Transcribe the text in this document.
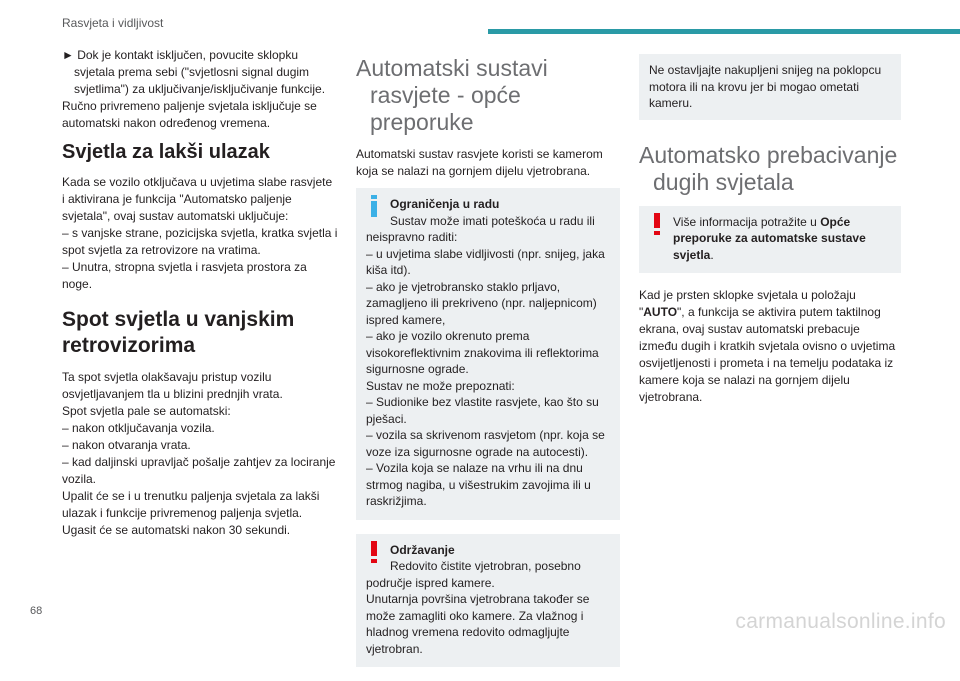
Rasvjeta i vidljivost

► Dok je kontakt isključen, povucite sklopku svjetala prema sebi ("svjetlosni signal dugim svjetlima") za uključivanje/isključivanje funkcije.

Ručno privremeno paljenje svjetala isključuje se automatski nakon određenog vremena.

Svjetla za lakši ulazak

Kada se vozilo otključava u uvjetima slabe rasvjete i aktivirana je funkcija "Automatsko paljenje svjetala", ovaj sustav automatski uključuje:

– s vanjske strane, pozicijska svjetla, kratka svjetla i spot svjetla za retrovizore na vratima.

– Unutra, stropna svjetla i rasvjeta prostora za noge.

Spot svjetla u vanjskim retrovizorima

Ta spot svjetla olakšavaju pristup vozilu osvjetljavanjem tla u blizini prednjih vrata.

Spot svjetla pale se automatski:

– nakon otključavanja vozila.

– nakon otvaranja vrata.

– kad daljinski upravljač pošalje zahtjev za lociranje vozila.

Upalit će se i u trenutku paljenja svjetala za lakši ulazak i funkcije privremenog paljenja svjetla.

Ugasit će se automatski nakon 30 sekundi.

Automatski sustavi rasvjete - opće preporuke

Automatski sustav rasvjete koristi se kamerom koja se nalazi na gornjem dijelu vjetrobrana.

Ograničenja u radu
Sustav može imati poteškoća u radu ili
neispravno raditi:
– u uvjetima slabe vidljivosti (npr. snijeg, jaka kiša itd).
– ako je vjetrobransko staklo prljavo, zamagljeno ili prekriveno (npr. naljepnicom) ispred kamere,
– ako je vozilo okrenuto prema visokoreflektivnim znakovima ili reflektorima sigurnosne ograde.
Sustav ne može prepoznati:
– Sudionike bez vlastite rasvjete, kao što su pješaci.
– vozila sa skrivenom rasvjetom (npr. koja se voze iza sigurnosne ograde na autocesti).
– Vozila koja se nalaze na vrhu ili na dnu strmog nagiba, u višestrukim zavojima ili u raskrižjima.
Održavanje
Redovito čistite vjetrobran, posebno
područje ispred kamere.
Unutarnja površina vjetrobrana također se može zamagliti oko kamere. Za vlažnog i hladnog vremena redovito odmagljujte vjetrobran.
Ne ostavljajte nakupljeni snijeg na poklopcu motora ili na krovu jer bi mogao ometati kameru.
Automatsko prebacivanje dugih svjetala
Više informacija potražite u Opće preporuke za automatske sustave svjetla.

Kad je prsten sklopke svjetala u položaju "AUTO", a funkcija se aktivira putem taktilnog ekrana, ovaj sustav automatski prebacuje između dugih i kratkih svjetala ovisno o uvjetima osvijetljenosti i prometa i na temelju podataka iz kamere koja se nalazi na gornjem dijelu vjetrobrana.

68	carmanualsonline.info
